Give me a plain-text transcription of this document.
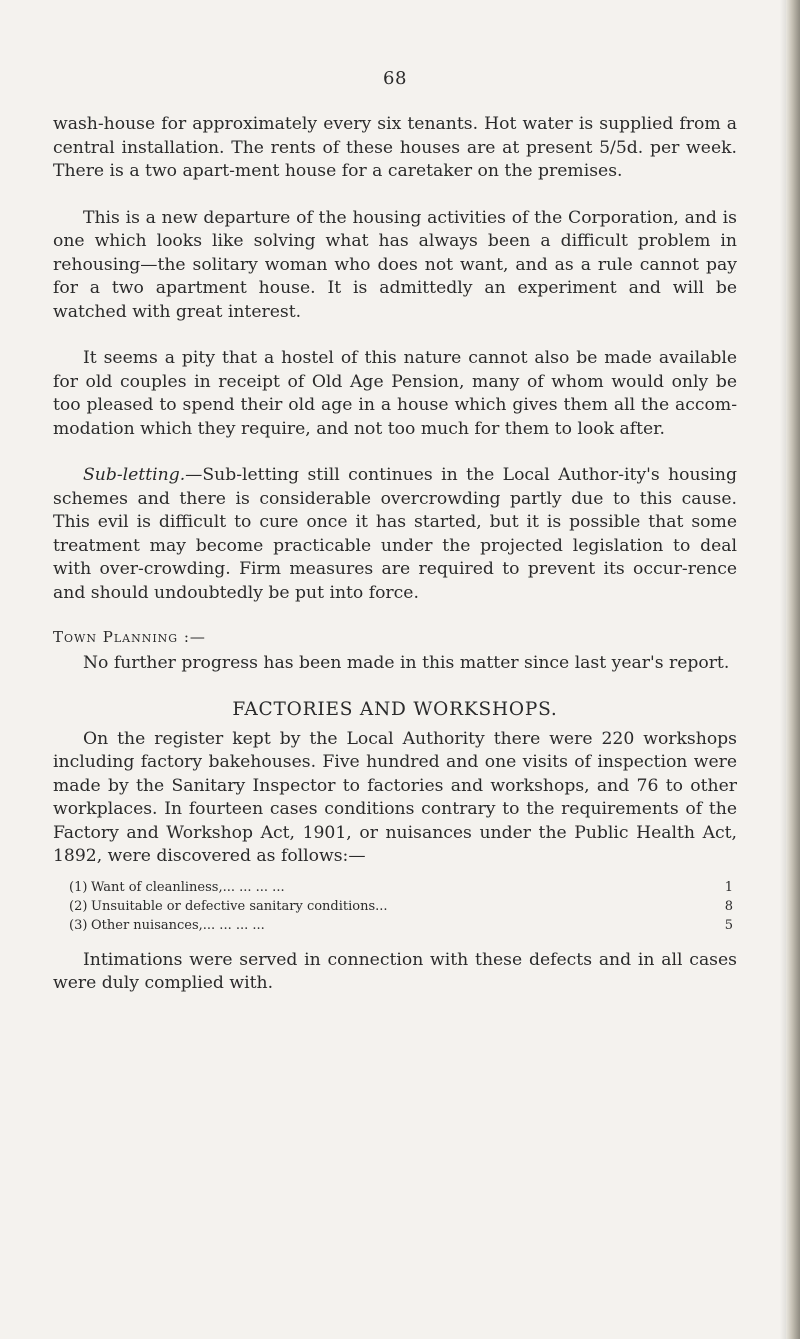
68

wash-house for approximately every six tenants. Hot water is supplied from a central installation. The rents of these houses are at present 5/5d. per week. There is a two apart-ment house for a caretaker on the premises.

This is a new departure of the housing activities of the Corporation, and is one which looks like solving what has always been a difficult problem in rehousing—the solitary woman who does not want, and as a rule cannot pay for a two apartment house. It is admittedly an experiment and will be watched with great interest.

It seems a pity that a hostel of this nature cannot also be made available for old couples in receipt of Old Age Pension, many of whom would only be too pleased to spend their old age in a house which gives them all the accom-modation which they require, and not too much for them to look after.

Sub-letting.—Sub-letting still continues in the Local Author-ity's housing schemes and there is considerable overcrowding partly due to this cause. This evil is difficult to cure once it has started, but it is possible that some treatment may become practicable under the projected legislation to deal with over-crowding. Firm measures are required to prevent its occur-rence and should undoubtedly be put into force.

Town Planning :—

No further progress has been made in this matter since last year's report.

FACTORIES AND WORKSHOPS.

On the register kept by the Local Authority there were 220 workshops including factory bakehouses. Five hundred and one visits of inspection were made by the Sanitary Inspector to factories and workshops, and 76 to other workplaces. In fourteen cases conditions contrary to the requirements of the Factory and Workshop Act, 1901, or nuisances under the Public Health Act, 1892, were discovered as follows:—

(1) Want of cleanliness, ... ... ... ...	1
(2) Unsuitable or defective sanitary conditions ...	8
(3) Other nuisances, ... ... ... ...	5

Intimations were served in connection with these defects and in all cases were duly complied with.
